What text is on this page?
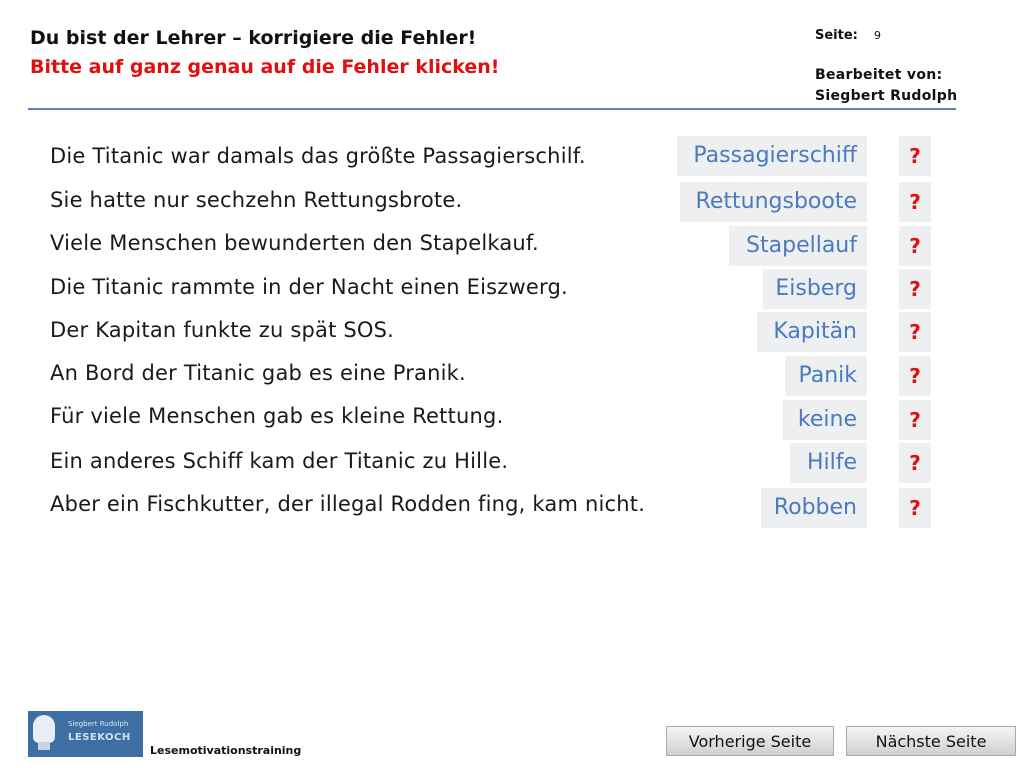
Du bist der Lehrer – korrigiere die Fehler!
Bitte auf ganz genau auf die Fehler klicken!
Seite: 9
Bearbeitet von:
Siegbert Rudolph
Die Titanic war damals das größte Passagierschilf.	Passagierschiff	?
Sie hatte nur sechzehn Rettungsbrote.	Rettungsboote	?
Viele Menschen bewunderten den Stapelkauf.	Stapellauf	?
Die Titanic rammte in der Nacht einen Eiszwerg.	Eisberg	?
Der Kapitan funkte zu spät SOS.	Kapitän	?
An Bord der Titanic gab es eine Pranik.	Panik	?
Für viele Menschen gab es kleine Rettung.	keine	?
Ein anderes Schiff kam der Titanic zu Hille.	Hilfe	?
Aber ein Fischkutter, der illegal Rodden fing, kam nicht.	Robben	?
Siegbert Rudolph
LESEKOCH
Lesemotivationstraining	Vorherige Seite	Nächste Seite
